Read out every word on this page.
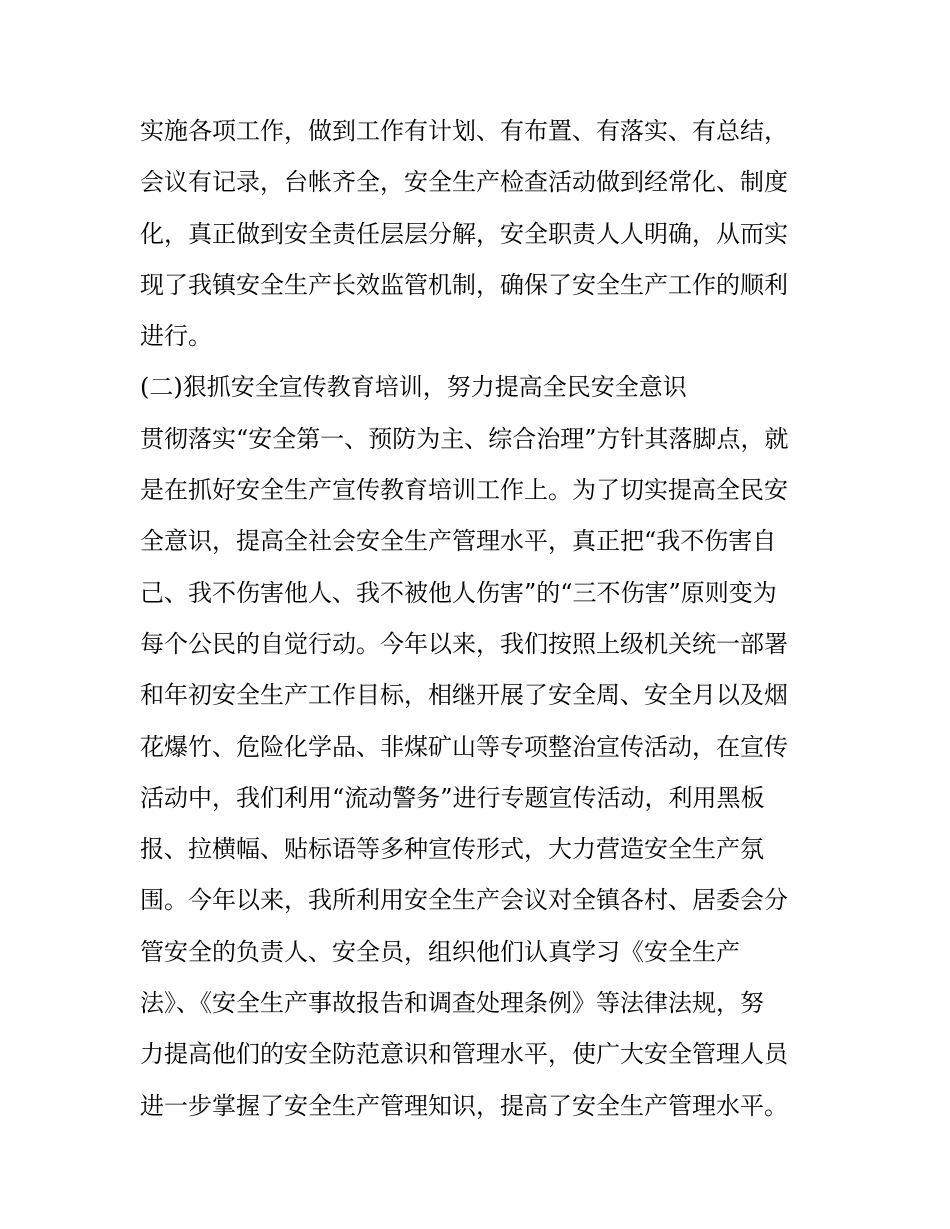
实施各项工作，做到工作有计划、有布置、有落实、有总结，
会议有记录，台帐齐全，安全生产检查活动做到经常化、制度
化，真正做到安全责任层层分解，安全职责人人明确，从而实
现了我镇安全生产长效监管机制，确保了安全生产工作的顺利
进行。
(二)狠抓安全宣传教育培训，努力提高全民安全意识
贯彻落实“安全第一、预防为主、综合治理”方针其落脚点，就
是在抓好安全生产宣传教育培训工作上。为了切实提高全民安
全意识，提高全社会安全生产管理水平，真正把“我不伤害自
己、我不伤害他人、我不被他人伤害”的“三不伤害”原则变为
每个公民的自觉行动。今年以来，我们按照上级机关统一部署
和年初安全生产工作目标，相继开展了安全周、安全月以及烟
花爆竹、危险化学品、非煤矿山等专项整治宣传活动，在宣传
活动中，我们利用“流动警务”进行专题宣传活动，利用黑板
报、拉横幅、贴标语等多种宣传形式，大力营造安全生产氛
围。今年以来，我所利用安全生产会议对全镇各村、居委会分
管安全的负责人、安全员，组织他们认真学习《安全生产
法》、《安全生产事故报告和调查处理条例》等法律法规，努
力提高他们的安全防范意识和管理水平，使广大安全管理人员
进一步掌握了安全生产管理知识，提高了安全生产管理水平。
